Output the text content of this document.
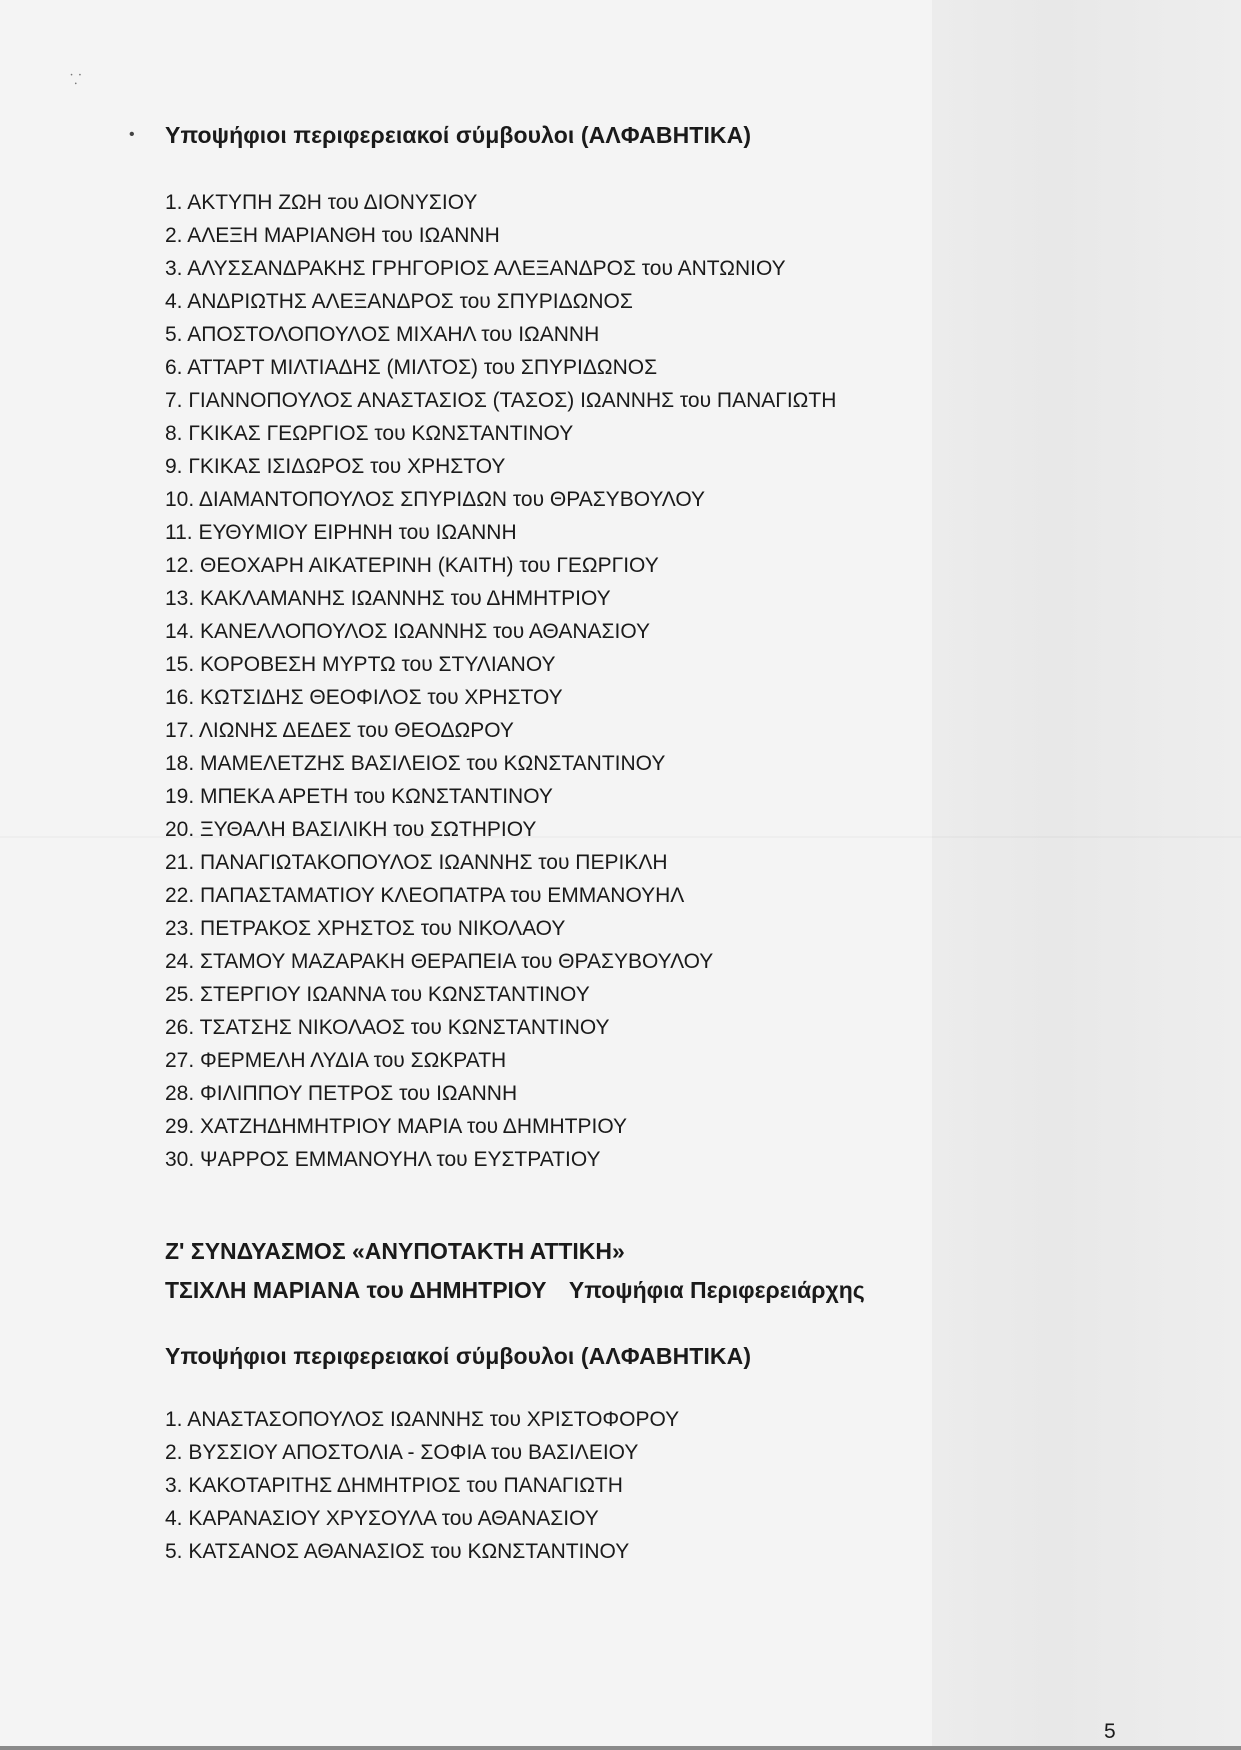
⸪
• Υποψήφιοι περιφερειακοί σύμβουλοι (ΑΛΦΑΒΗΤΙΚΑ)
1. ΑΚΤΥΠΗ ΖΩΗ του ΔΙΟΝΥΣΙΟΥ
2. ΑΛΕΞΗ ΜΑΡΙΑΝΘΗ του ΙΩΑΝΝΗ
3. ΑΛΥΣΣΑΝΔΡΑΚΗΣ ΓΡΗΓΟΡΙΟΣ ΑΛΕΞΑΝΔΡΟΣ του ΑΝΤΩΝΙΟΥ
4. ΑΝΔΡΙΩΤΗΣ ΑΛΕΞΑΝΔΡΟΣ του ΣΠΥΡΙΔΩΝΟΣ
5. ΑΠΟΣΤΟΛΟΠΟΥΛΟΣ ΜΙΧΑΗΛ του ΙΩΑΝΝΗ
6. ΑΤΤΑΡΤ ΜΙΛΤΙΑΔΗΣ (ΜΙΛΤΟΣ) του ΣΠΥΡΙΔΩΝΟΣ
7. ΓΙΑΝΝΟΠΟΥΛΟΣ ΑΝΑΣΤΑΣΙΟΣ (ΤΑΣΟΣ) ΙΩΑΝΝΗΣ του ΠΑΝΑΓΙΩΤΗ
8. ΓΚΙΚΑΣ ΓΕΩΡΓΙΟΣ του ΚΩΝΣΤΑΝΤΙΝΟΥ
9. ΓΚΙΚΑΣ ΙΣΙΔΩΡΟΣ του ΧΡΗΣΤΟΥ
10. ΔΙΑΜΑΝΤΟΠΟΥΛΟΣ ΣΠΥΡΙΔΩΝ του ΘΡΑΣΥΒΟΥΛΟΥ
11. ΕΥΘΥΜΙΟΥ ΕΙΡΗΝΗ του ΙΩΑΝΝΗ
12. ΘΕΟΧΑΡΗ ΑΙΚΑΤΕΡΙΝΗ (ΚΑΙΤΗ) του ΓΕΩΡΓΙΟΥ
13. ΚΑΚΛΑΜΑΝΗΣ ΙΩΑΝΝΗΣ του ΔΗΜΗΤΡΙΟΥ
14. ΚΑΝΕΛΛΟΠΟΥΛΟΣ ΙΩΑΝΝΗΣ του ΑΘΑΝΑΣΙΟΥ
15. ΚΟΡΟΒΕΣΗ ΜΥΡΤΩ του ΣΤΥΛΙΑΝΟΥ
16. ΚΩΤΣΙΔΗΣ ΘΕΟΦΙΛΟΣ του ΧΡΗΣΤΟΥ
17. ΛΙΩΝΗΣ ΔΕΔΕΣ του ΘΕΟΔΩΡΟΥ
18. ΜΑΜΕΛΕΤΖΗΣ ΒΑΣΙΛΕΙΟΣ του ΚΩΝΣΤΑΝΤΙΝΟΥ
19. ΜΠΕΚΑ ΑΡΕΤΗ του ΚΩΝΣΤΑΝΤΙΝΟΥ
20. ΞΥΘΑΛΗ ΒΑΣΙΛΙΚΗ του ΣΩΤΗΡΙΟΥ
21. ΠΑΝΑΓΙΩΤΑΚΟΠΟΥΛΟΣ ΙΩΑΝΝΗΣ του ΠΕΡΙΚΛΗ
22. ΠΑΠΑΣΤΑΜΑΤΙΟΥ ΚΛΕΟΠΑΤΡΑ του ΕΜΜΑΝΟΥΗΛ
23. ΠΕΤΡΑΚΟΣ ΧΡΗΣΤΟΣ του ΝΙΚΟΛΑΟΥ
24. ΣΤΑΜΟΥ ΜΑΖΑΡΑΚΗ ΘΕΡΑΠΕΙΑ του ΘΡΑΣΥΒΟΥΛΟΥ
25. ΣΤΕΡΓΙΟΥ ΙΩΑΝΝΑ του ΚΩΝΣΤΑΝΤΙΝΟΥ
26. ΤΣΑΤΣΗΣ ΝΙΚΟΛΑΟΣ του ΚΩΝΣΤΑΝΤΙΝΟΥ
27. ΦΕΡΜΕΛΗ ΛΥΔΙΑ του ΣΩΚΡΑΤΗ
28. ΦΙΛΙΠΠΟΥ ΠΕΤΡΟΣ του ΙΩΑΝΝΗ
29. ΧΑΤΖΗΔΗΜΗΤΡΙΟΥ ΜΑΡΙΑ του ΔΗΜΗΤΡΙΟΥ
30. ΨΑΡΡΟΣ ΕΜΜΑΝΟΥΗΛ του ΕΥΣΤΡΑΤΙΟΥ
Ζ' ΣΥΝΔΥΑΣΜΟΣ «ΑΝΥΠΟΤΑΚΤΗ ΑΤΤΙΚΗ»
ΤΣΙΧΛΗ ΜΑΡΙΑΝΑ του ΔΗΜΗΤΡΙΟΥ Υποψήφια Περιφερειάρχης
Υποψήφιοι περιφερειακοί σύμβουλοι (ΑΛΦΑΒΗΤΙΚΑ)
1. ΑΝΑΣΤΑΣΟΠΟΥΛΟΣ ΙΩΑΝΝΗΣ του ΧΡΙΣΤΟΦΟΡΟΥ
2. ΒΥΣΣΙΟΥ ΑΠΟΣΤΟΛΙΑ - ΣΟΦΙΑ του ΒΑΣΙΛΕΙΟΥ
3. ΚΑΚΟΤΑΡΙΤΗΣ ΔΗΜΗΤΡΙΟΣ του ΠΑΝΑΓΙΩΤΗ
4. ΚΑΡΑΝΑΣΙΟΥ ΧΡΥΣΟΥΛΑ του ΑΘΑΝΑΣΙΟΥ
5. ΚΑΤΣΑΝΟΣ ΑΘΑΝΑΣΙΟΣ του ΚΩΝΣΤΑΝΤΙΝΟΥ
5
